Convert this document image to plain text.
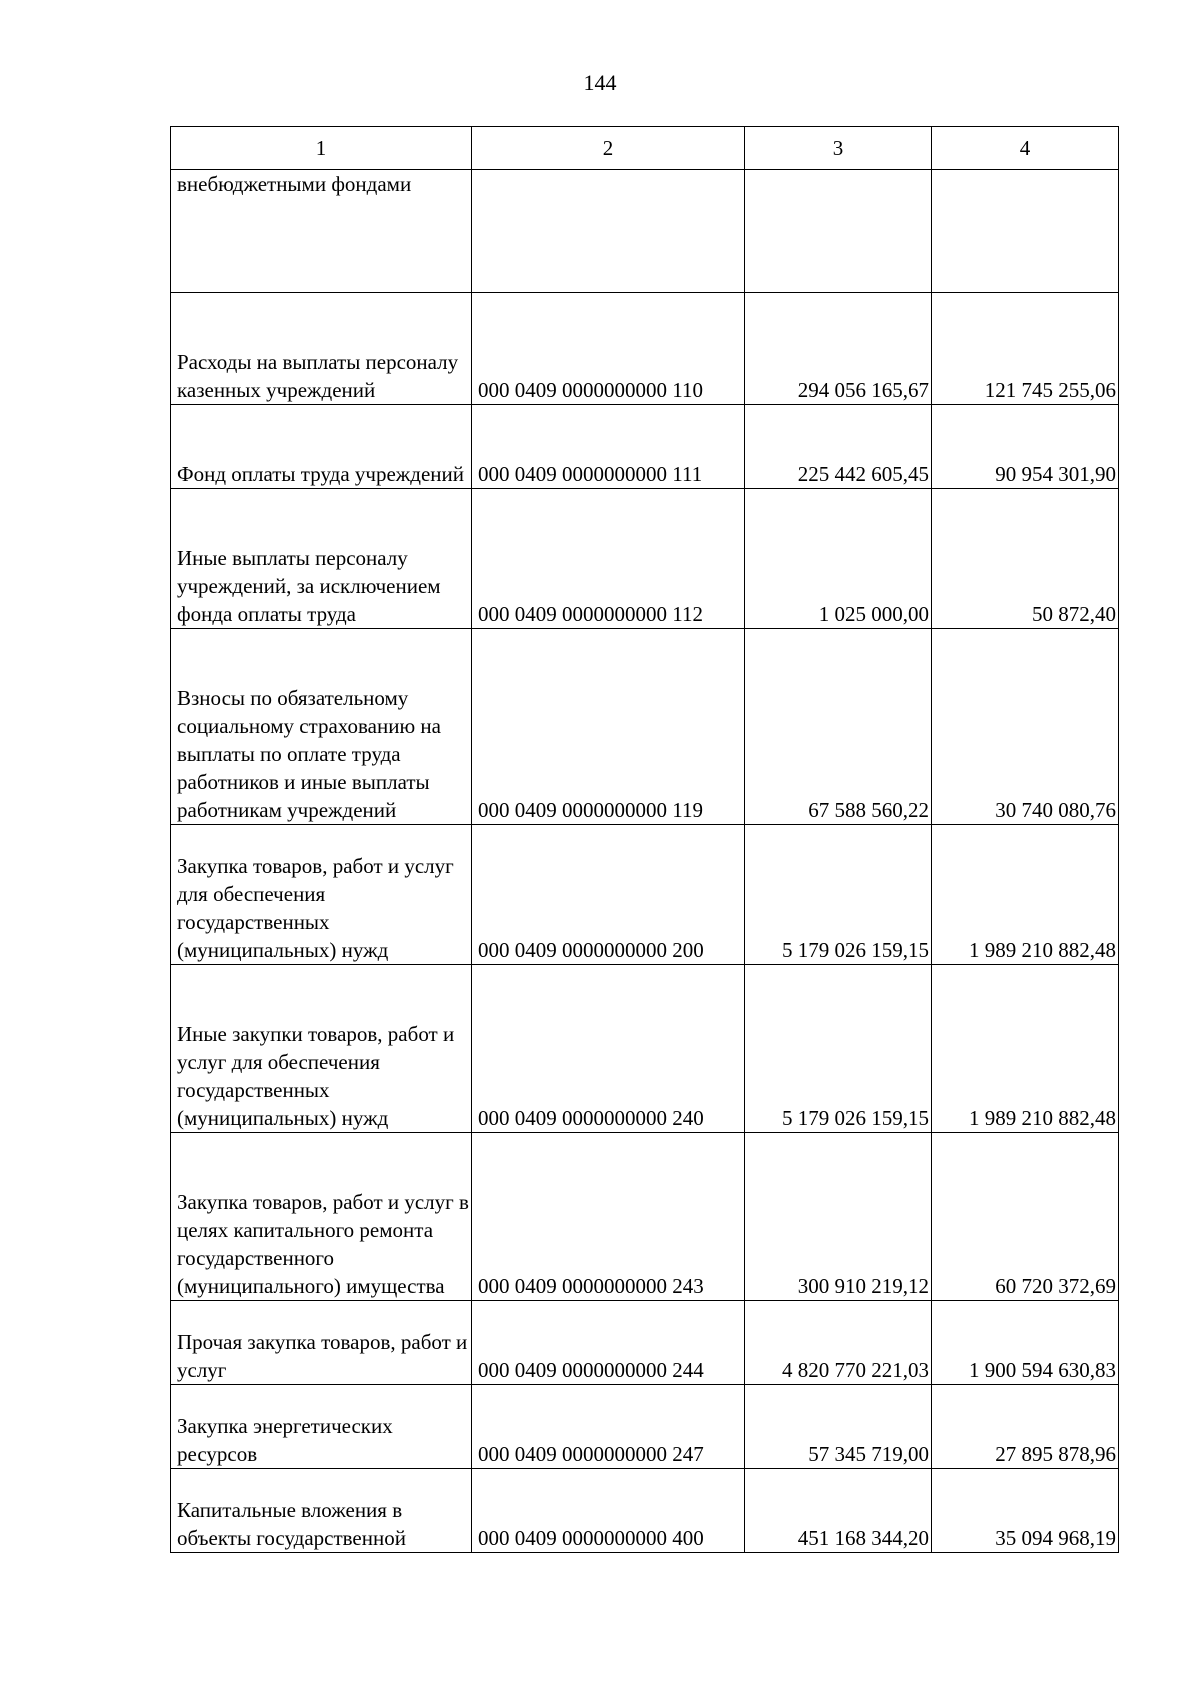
144
1	2	3	4
внебюджетными фондами			
Расходы на выплаты персоналу казенных учреждений	000 0409 0000000000 110	294 056 165,67	121 745 255,06
Фонд оплаты труда учреждений	000 0409 0000000000 111	225 442 605,45	90 954 301,90
Иные выплаты персоналу учреждений, за исключением фонда оплаты труда	000 0409 0000000000 112	1 025 000,00	50 872,40
Взносы по обязательному социальному страхованию на выплаты по оплате труда работников и иные выплаты работникам учреждений	000 0409 0000000000 119	67 588 560,22	30 740 080,76
Закупка товаров, работ и услуг для обеспечения государственных (муниципальных) нужд	000 0409 0000000000 200	5 179 026 159,15	1 989 210 882,48
Иные закупки товаров, работ и услуг для обеспечения государственных (муниципальных) нужд	000 0409 0000000000 240	5 179 026 159,15	1 989 210 882,48
Закупка товаров, работ и услуг в целях капитального ремонта государственного (муниципального) имущества	000 0409 0000000000 243	300 910 219,12	60 720 372,69
Прочая закупка товаров, работ и услуг	000 0409 0000000000 244	4 820 770 221,03	1 900 594 630,83
Закупка энергетических ресурсов	000 0409 0000000000 247	57 345 719,00	27 895 878,96
Капитальные вложения в объекты государственной	000 0409 0000000000 400	451 168 344,20	35 094 968,19
